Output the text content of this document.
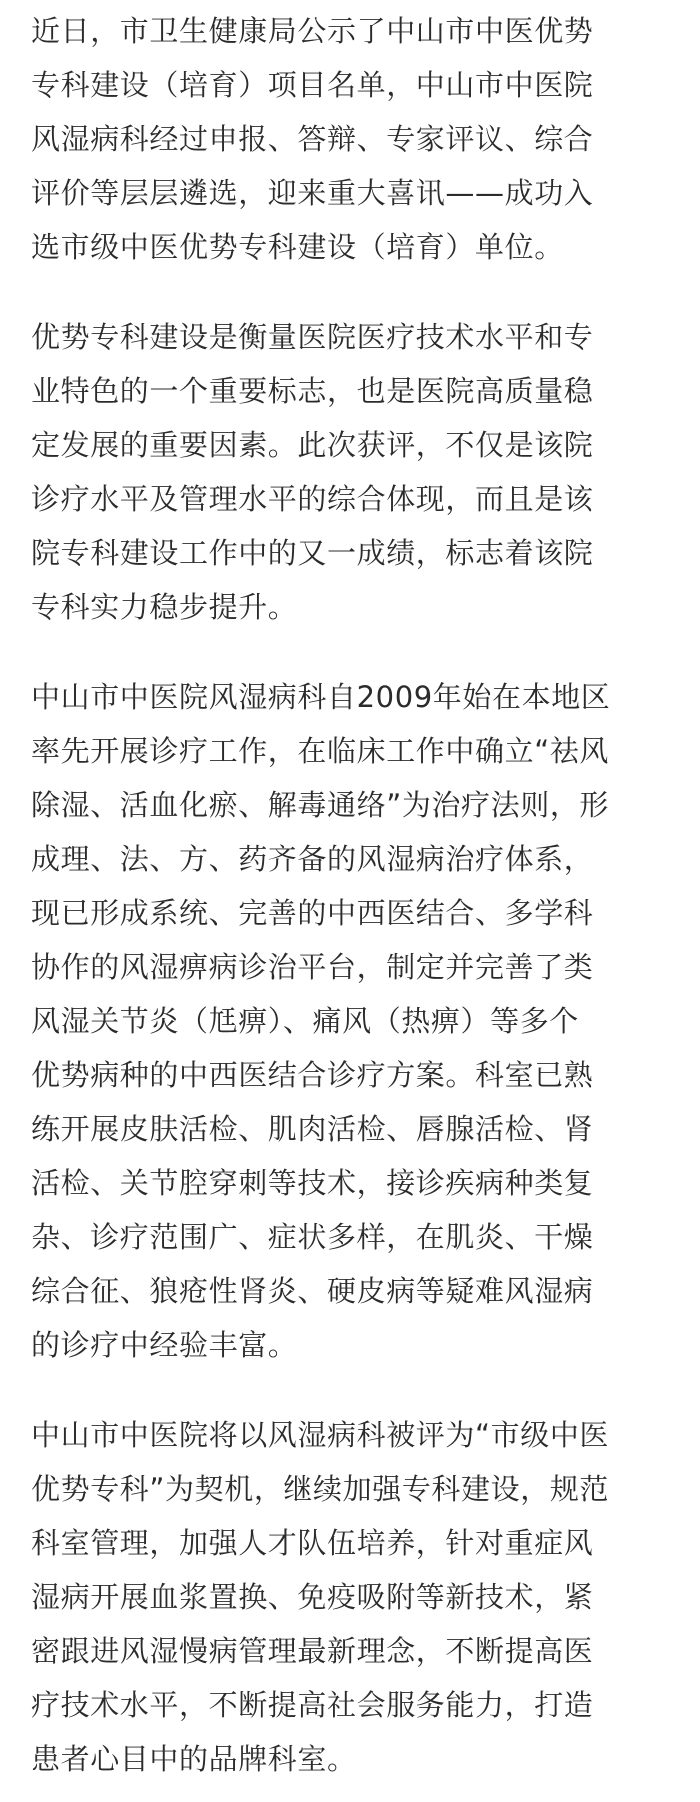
近日，市卫生健康局公示了中山市中医优势
专科建设（培育）项目名单，中山市中医院
风湿病科经过申报、答辩、专家评议、综合
评价等层层遴选，迎来重大喜讯——成功入
选市级中医优势专科建设（培育）单位。
优势专科建设是衡量医院医疗技术水平和专
业特色的一个重要标志，也是医院高质量稳
定发展的重要因素。此次获评，不仅是该院
诊疗水平及管理水平的综合体现，而且是该
院专科建设工作中的又一成绩，标志着该院
专科实力稳步提升。
中山市中医院风湿病科自2009年始在本地区
率先开展诊疗工作，在临床工作中确立“祛风
除湿、活血化瘀、解毒通络”为治疗法则，形
成理、法、方、药齐备的风湿病治疗体系，
现已形成系统、完善的中西医结合、多学科
协作的风湿痹病诊治平台，制定并完善了类
风湿关节炎（尪痹）、痛风（热痹）等多个
优势病种的中西医结合诊疗方案。科室已熟
练开展皮肤活检、肌肉活检、唇腺活检、肾
活检、关节腔穿刺等技术，接诊疾病种类复
杂、诊疗范围广、症状多样，在肌炎、干燥
综合征、狼疮性肾炎、硬皮病等疑难风湿病
的诊疗中经验丰富。
中山市中医院将以风湿病科被评为“市级中医
优势专科”为契机，继续加强专科建设，规范
科室管理，加强人才队伍培养，针对重症风
湿病开展血浆置换、免疫吸附等新技术，紧
密跟进风湿慢病管理最新理念，不断提高医
疗技术水平，不断提高社会服务能力，打造
患者心目中的品牌科室。
